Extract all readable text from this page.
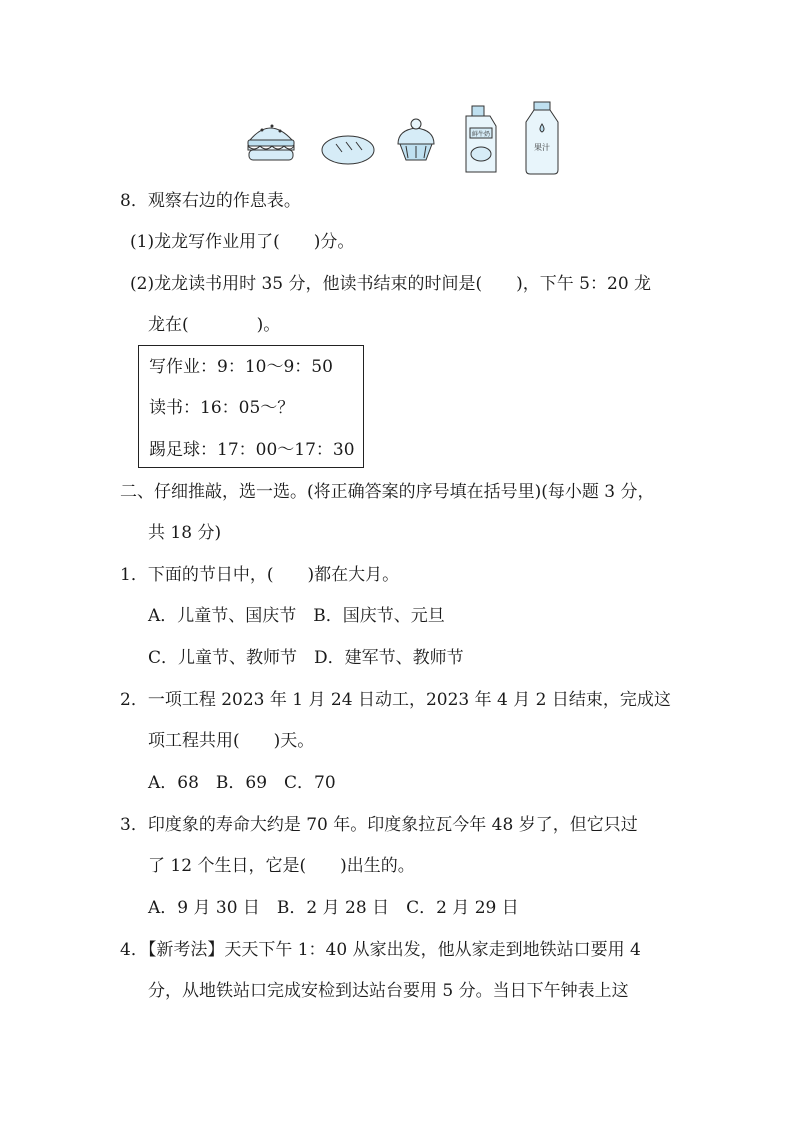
鲜牛奶
果汁
8．观察右边的作息表。
(1)龙龙写作业用了(　　)分。
(2)龙龙读书用时 35 分，他读书结束的时间是(　　)，下午 5：20 龙
龙在(　　　　)。
写作业：9：10～9：50
读书：16：05～？
踢足球：17：00～17：30
二、仔细推敲，选一选。(将正确答案的序号填在括号里)(每小题 3 分，
共 18 分)
1．下面的节日中，(　　)都在大月。
A．儿童节、国庆节　B．国庆节、元旦
C．儿童节、教师节　D．建军节、教师节
2．一项工程 2023 年 1 月 24 日动工，2023 年 4 月 2 日结束，完成这
项工程共用(　　)天。
A．68　B．69　C．70
3．印度象的寿命大约是 70 年。印度象拉瓦今年 48 岁了，但它只过
了 12 个生日，它是(　　)出生的。
A．9 月 30 日　B．2 月 28 日　C．2 月 29 日
4．【新考法】天天下午 1：40 从家出发，他从家走到地铁站口要用 4
分，从地铁站口完成安检到达站台要用 5 分。当日下午钟表上这
